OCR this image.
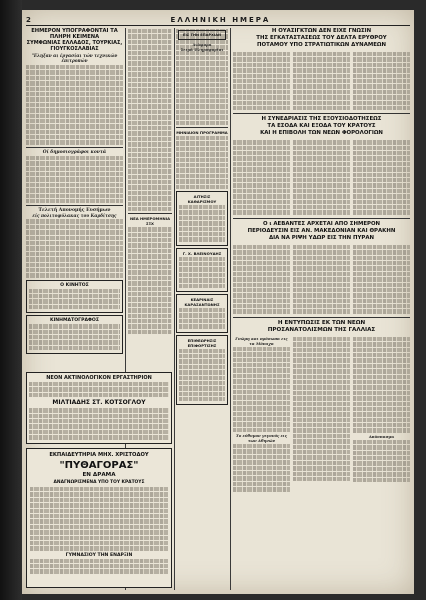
2	ΕΛΛΗΝΙΚΗ ΗΜΕΡΑ
ΕΗΜΕΡΟΝ ΥΠΟΓΡΑΦΟΝΤΑΙ ΤΑ ΠΛΗΡΗ ΚΕΙΜΕΝΑ
ΣΥΜΦΩΝΙΑΣ ΕΛΛΑΔΟΣ, ΤΟΥΡΚΙΑΣ, ΓΙΟΥΓΚΟΣΛΑΒΙΑΣ
"Εληξαν αι έργασίαι τών τεχνικών έπιτροπών
Οί δημοσιογράφοι κοντά
Τελετή Απονομής Ευσήμων
είς πολιτοφύλακας του Καρδίτσης
Ο ΚΙΝΗΤΟΣ
ΚΙΝΗΜΑΤΟΓΡΑΦΟΣ
ΝΕΟΝ ΑΚΤΙΝΟΛΟΓΙΚΟΝ ΕΡΓΑΣΤΗΡΙΟΝ
ΜΙΛΤΙΑΔΗΣ ΣΤ. ΚΟΤΣΟΓΛΟΥ
ΕΚΠΑΙΔΕΥΤΗΡΙΑ ΜΗΧ. ΧΡΙΣΤΟΔΟΥ
"ΠΥΘΑΓΟΡΑΣ"
ΕΝ ΔΡΑΜΑ
ΑΝΑΓΝΩΡΙΣΜΕΝΑ ΥΠΟ ΤΟΥ ΚΡΑΤΟΥΣ
ΓΥΜΝΑΣΙΟΥ ΤΗΝ ΕΝΑΡΞΙΝ
ΝΕΑ ΗΜΕΡΟΜΗΝΙΑ ΣΞΧ
ΜΗΝΙΑΙΟΝ ΠΡΟΓΡΑΜΜΑ
ΑΙΤΗΣΙΣ ΚΑΘΑΡΙΣΜΟΥ
Γ. Χ. ΒΛΕΙΝΟΥΔΗΣ
ΚΕΔΡΙΝΑΙΣ ΚΑΡΑΣΑΝΤΩΝΗΣ
ΕΠΙΘΕΩΡΗΣΙΣ ΕΠΙΦΟΡΤΙΣΗΣ
ΕΙΣ ΤΗΝ ΕΠΑΡΧΙΑΝ
Διάφορα
Σειρά Πληροφορίαι
Η ΟΥΑΣΙΓΚΤΩΝ ΔΕΝ ΕΙΧΕ ΓΝΩΣΙΝ
ΤΗΣ ΕΓΚΑΤΑΣΤΑΣΕΩΣ ΤΟΥ ΔΕΛΤΑ ΕΡΥΘΡΟΥ
ΠΟΤΑΜΟΥ ΥΠΟ ΣΤΡΑΤΙΩΤΙΚΩΝ ΔΥΝΑΜΕΩΝ
Η ΣΥΝΕΔΡΙΑΣΙΣ ΤΗΣ ΕΞΟΥΣΙΟΔΟΤΗΣΕΩΣ
ΤΑ ΕΣΟΔΑ ΚΑΙ ΕΞΟΔΑ ΤΟΥ ΚΡΑΤΟΥΣ
ΚΑΙ Η ΕΠΙΒΟΛΗ ΤΩΝ ΝΕΩΝ ΦΟΡΟΛΟΓΙΩΝ
Ο ι ΑΕΒΑΝΤΕΣ ΑΡΧΕΤΑΙ ΑΠΟ ΣΗΜΕΡΟΝ
ΠΕΡΙΟΔΕΥΣΙΝ ΕΙΣ ΑΝ. ΜΑΚΕΔΟΝΙΑΝ ΚΑΙ ΘΡΑΚΗΝ
ΔΙΑ ΝΑ ΡΙΨΗ ΥΔΩΡ ΕΙΣ ΤΗΝ ΠΥΡΑΝ
Η ΕΝΤΥΠΩΣΙΣ ΕΚ ΤΩΝ ΝΕΩΝ
ΠΡΟΣΑΝΑΤΟΛΙΣΜΩΝ ΤΗΣ ΓΑΛΛΙΑΣ
Γνώμη και πρόσωπα εις τα Μόναχα
Το εύθυμον γεγονός εις των Αθηνών
Απόσπασμα
